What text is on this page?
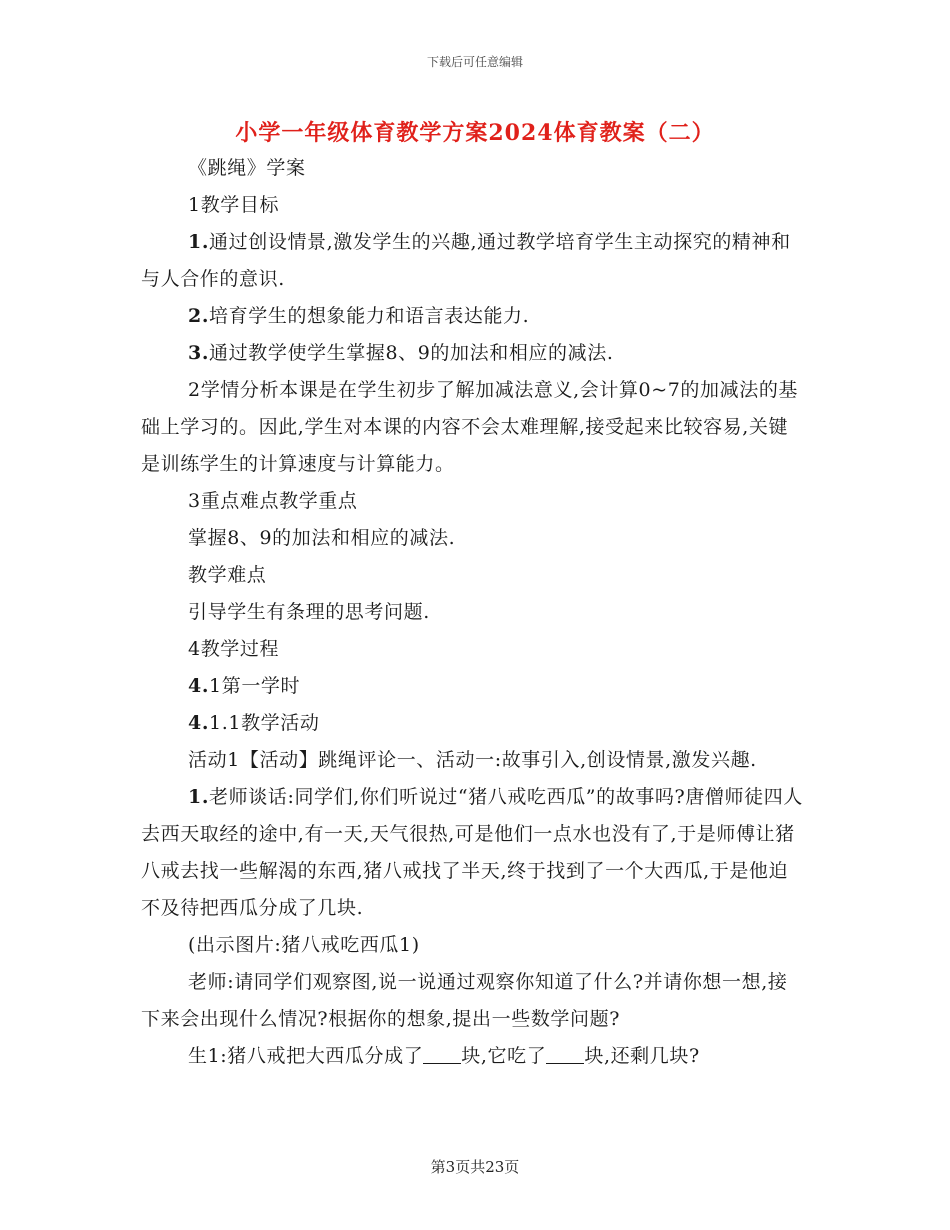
下载后可任意编辑
小学一年级体育教学方案2024体育教案（二）

《跳绳》学案

1教学目标

1.通过创设情景,激发学生的兴趣,通过教学培育学生主动探究的精神和与人合作的意识.

2.培育学生的想象能力和语言表达能力.

3.通过教学使学生掌握8、9的加法和相应的减法.

2学情分析本课是在学生初步了解加减法意义,会计算0~7的加减法的基础上学习的。因此,学生对本课的内容不会太难理解,接受起来比较容易,关键是训练学生的计算速度与计算能力。

3重点难点教学重点

掌握8、9的加法和相应的减法.

教学难点

引导学生有条理的思考问题.

4教学过程

4.1第一学时

4.1.1教学活动

活动1【活动】跳绳评论一、活动一:故事引入,创设情景,激发兴趣.

1.老师谈话:同学们,你们听说过“猪八戒吃西瓜”的故事吗?唐僧师徒四人去西天取经的途中,有一天,天气很热,可是他们一点水也没有了,于是师傅让猪八戒去找一些解渴的东西,猪八戒找了半天,终于找到了一个大西瓜,于是他迫不及待把西瓜分成了几块.

(出示图片:猪八戒吃西瓜1)

老师:请同学们观察图,说一说通过观察你知道了什么?并请你想一想,接下来会出现什么情况?根据你的想象,提出一些数学问题?

生1:猪八戒把大西瓜分成了 块,它吃了 块,还剩几块?

第3页共23页
